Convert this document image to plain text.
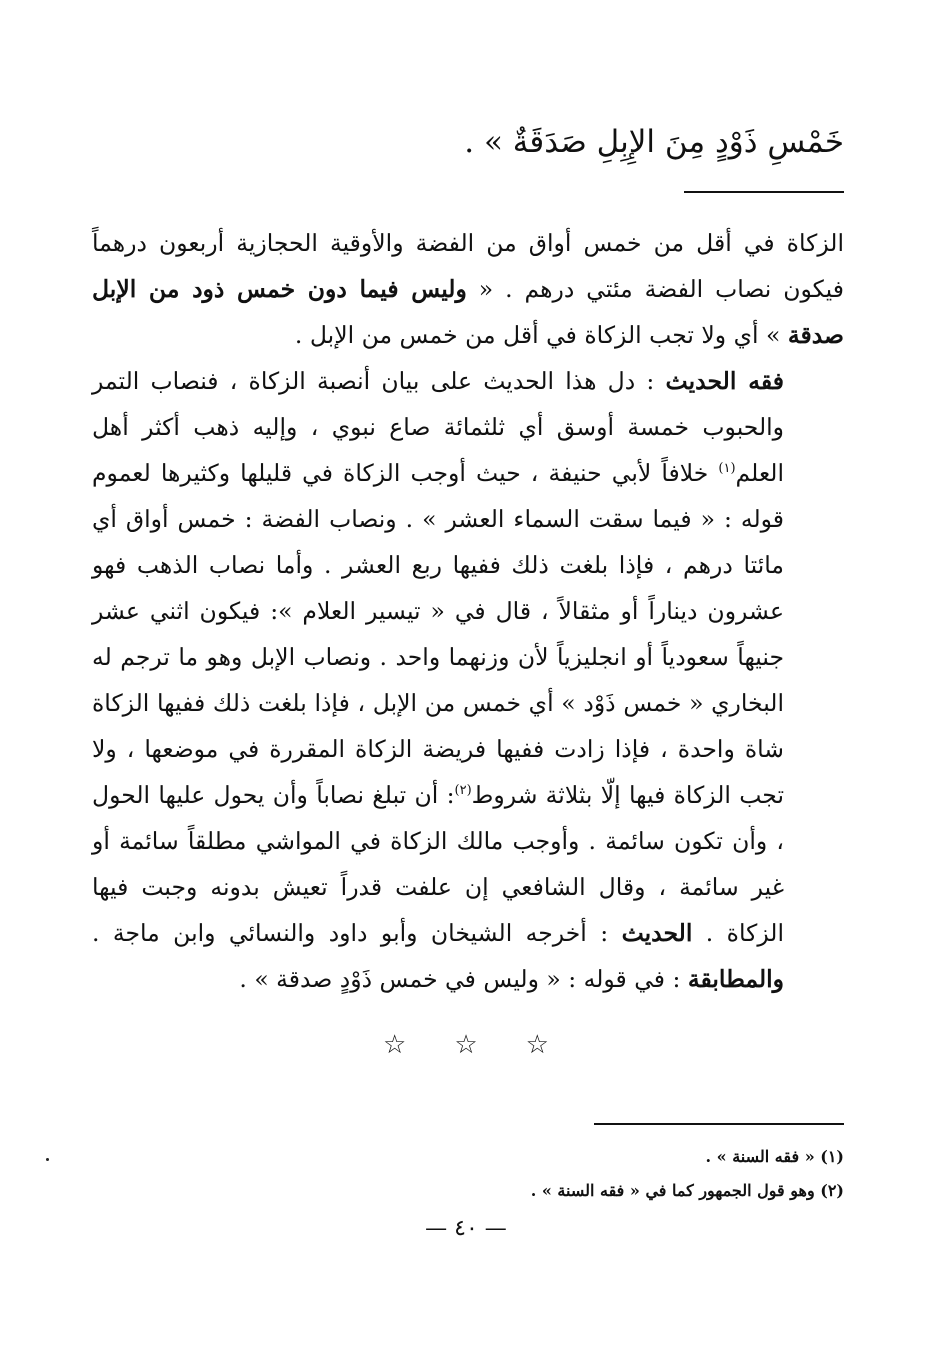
خَمْسِ ذَوْدٍ مِنَ الإِبِلِ صَدَقَةٌ » .

الزكاة في أقل من خمس أواق من الفضة والأوقية الحجازية أربعون درهماً فيكون نصاب الفضة مئتي درهم . « وليس فيما دون خمس ذود من الإبل صدقة » أي ولا تجب الزكاة في أقل من خمس من الإبل .

فقه الحديث : دل هذا الحديث على بيان أنصبة الزكاة ، فنصاب التمر والحبوب خمسة أوسق أي ثلثمائة صاع نبوي ، وإليه ذهب أكثر أهل العلم$^{(١)}$ خلافاً لأبي حنيفة ، حيث أوجب الزكاة في قليلها وكثيرها لعموم قوله : « فيما سقت السماء العشر » . ونصاب الفضة : خمس أواق أي مائتا درهم ، فإذا بلغت ذلك ففيها ربع العشر . وأما نصاب الذهب فهو عشرون ديناراً أو مثقالاً ، قال في « تيسير العلام »: فيكون اثني عشر جنيهاً سعودياً أو انجليزياً لأن وزنهما واحد . ونصاب الإبل وهو ما ترجم له البخاري « خمس ذَوْد » أي خمس من الإبل ، فإذا بلغت ذلك ففيها الزكاة شاة واحدة ، فإذا زادت ففيها فريضة الزكاة المقررة في موضعها ، ولا تجب الزكاة فيها إلّا بثلاثة شروط$^{(٢)}$: أن تبلغ نصاباً وأن يحول عليها الحول ، وأن تكون سائمة . وأوجب مالك الزكاة في المواشي مطلقاً سائمة أو غير سائمة ، وقال الشافعي إن علفت قدراً تعيش بدونه وجبت فيها الزكاة . الحديث : أخرجه الشيخان وأبو داود والنسائي وابن ماجة . والمطابقة : في قوله : « وليس في خمس ذَوْدٍ صدقة » .

☆ ☆ ☆
(١) « فقه السنة » .
(٢) وهو قول الجمهور كما في « فقه السنة » .
— ٤٠ —
